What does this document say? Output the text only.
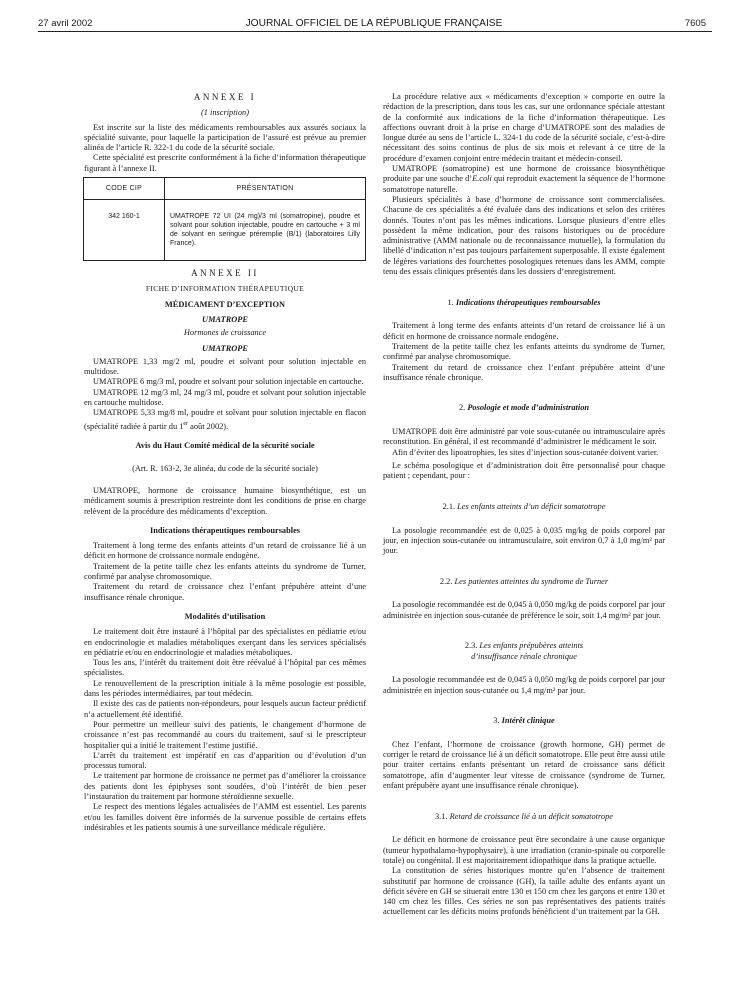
27 avril 2002	JOURNAL OFFICIEL DE LA RÉPUBLIQUE FRANÇAISE	7605

ANNEXE I

(1 inscription)

Est inscrite sur la liste des médicaments remboursables aux assurés sociaux la spécialité suivante, pour laquelle la participation de l’assuré est prévue au premier alinéa de l’article R. 322-1 du code de la sécurité sociale.

Cette spécialité est prescrite conformément à la fiche d’information thérapeutique figurant à l’annexe II.

CODE CIP	PRÉSENTATION
342 160-1	UMATROPE 72 UI (24 mg)/3 ml (somatropine), poudre et solvant pour solution injectable, poudre en cartouche + 3 ml de solvant en seringue préremplie (B/1) (laboratoires Lilly France).

ANNEXE II

FICHE D’INFORMATION THÉRAPEUTIQUE

MÉDICAMENT D’EXCEPTION

UMATROPE

Hormones de croissance

UMATROPE

UMATROPE 1,33 mg/2 ml, poudre et solvant pour solution injectable en multidose.

UMATROPE 6 mg/3 ml, poudre et solvant pour solution injectable en cartouche.

UMATROPE 12 mg/3 ml, 24 mg/3 ml, poudre et solvant pour solution injectable en cartouche multidose.

UMATROPE 5,33 mg/8 ml, poudre et solvant pour solution injectable en flacon (spécialité radiée à partir du 1er août 2002).

Avis du Haut Comité médical de la sécurité sociale

(Art. R. 163-2, 3e alinéa, du code de la sécurité sociale)

UMATROPE, hormone de croissance humaine biosynthétique, est un médicament soumis à prescription restreinte dont les conditions de prise en charge relèvent de la procédure des médicaments d’exception.

Indications thérapeutiques remboursables

Traitement à long terme des enfants atteints d’un retard de croissance lié à un déficit en hormone de croissance normale endogène.

Traitement de la petite taille chez les enfants atteints du syndrome de Turner, confirmé par analyse chromosomique.

Traitement du retard de croissance chez l’enfant prépubère atteint d’une insuffisance rénale chronique.

Modalités d’utilisation

Le traitement doit être instauré à l’hôpital par des spécialistes en pédiatrie et/ou en endocrinologie et maladies métaboliques exerçant dans les services spécialisés en pédiatrie et/ou en endocrinologie et maladies métaboliques.

Tous les ans, l’intérêt du traitement doit être réévalué à l’hôpital par ces mêmes spécialistes.

Le renouvellement de la prescription initiale à la même posologie est possible, dans les périodes intermédiaires, par tout médecin.

Il existe des cas de patients non-répondeurs, pour lesquels aucun facteur prédictif n’a actuellement été identifié.

Pour permettre un meilleur suivi des patients, le changement d’hormone de croissance n’est pas recommandé au cours du traitement, sauf si le prescripteur hospitalier qui a initié le traitement l’estime justifié.

L’arrêt du traitement est impératif en cas d’apparition ou d’évolution d’un processus tumoral.

Le traitement par hormone de croissance ne permet pas d’améliorer la croissance des patients dont les épiphyses sont soudées, d’où l’intérêt de bien peser l’instauration du traitement par hormone stéroïdienne sexuelle.

Le respect des mentions légales actualisées de l’AMM est essentiel. Les parents et/ou les familles doivent être informés de la survenue possible de certains effets indésirables et les patients soumis à une surveillance médicale régulière.

La procédure relative aux « médicaments d’exception » comporte en outre la rédaction de la prescription, dans tous les cas, sur une ordonnance spéciale attestant de la conformité aux indications de la fiche d’information thérapeutique. Les affections ouvrant droit à la prise en charge d’UMATROPE sont des maladies de longue durée au sens de l’article L. 324-1 du code de la sécurité sociale, c’est-à-dire nécessitant des soins continus de plus de six mois et relevant à ce titre de la procédure d’examen conjoint entre médecin traitant et médecin-conseil.

UMATROPE (somatropine) est une hormone de croissance biosynthétique produite par une souche d’E.coli qui reproduit exactement la séquence de l’hormone somatotrope naturelle.

Plusieurs spécialités à base d’hormone de croissance sont commercialisées. Chacune de ces spécialités a été évaluée dans des indications et selon des critères donnés. Toutes n’ont pas les mêmes indications. Lorsque plusieurs d’entre elles possèdent la même indication, pour des raisons historiques ou de procédure administrative (AMM nationale ou de reconnaissance mutuelle), la formulation du libellé d’indication n’est pas toujours parfaitement superposable. Il existe également de légères variations des fourchettes posologiques retenues dans les AMM, compte tenu des essais cliniques présentés dans les dossiers d’enregistrement.

1. Indications thérapeutiques remboursables

Traitement à long terme des enfants atteints d’un retard de croissance lié à un déficit en hormone de croissance normale endogène.

Traitement de la petite taille chez les enfants atteints du syndrome de Turner, confirmé par analyse chromosomique.

Traitement du retard de croissance chez l’enfant prépubère atteint d’une insuffisance rénale chronique.

2. Posologie et mode d’administration

UMATROPE doit être administré par voie sous-cutanée ou intramusculaire après reconstitution. En général, il est recommandé d’administrer le médicament le soir.

Afin d’éviter des lipoatrophies, les sites d’injection sous-cutanée doivent varier.

Le schéma posologique et d’administration doit être personnalisé pour chaque patient ; cependant, pour :

2.1. Les enfants atteints d’un déficit somatotrope

La posologie recommandée est de 0,025 à 0,035 mg/kg de poids corporel par jour, en injection sous-cutanée ou intramusculaire, soit environ 0,7 à 1,0 mg/m² par jour.

2.2. Les patientes atteintes du syndrome de Turner

La posologie recommandée est de 0,045 à 0,050 mg/kg de poids corporel par jour administrée en injection sous-cutanée de préférence le soir, soit 1,4 mg/m² par jour.

2.3. Les enfants prépubères atteints
d’insuffisance rénale chronique

La posologie recommandée est de 0,045 à 0,050 mg/kg de poids corporel par jour administrée en injection sous-cutanée ou 1,4 mg/m² par jour.

3. Intérêt clinique

Chez l’enfant, l’hormone de croissance (growth hormone, GH) permet de corriger le retard de croissance lié à un déficit somatotrope. Elle peut être aussi utile pour traiter certains enfants présentant un retard de croissance sans déficit somatotrope, afin d’augmenter leur vitesse de croissance (syndrome de Turner, enfant prépubère ayant une insuffisance rénale chronique).

3.1. Retard de croissance lié à un déficit somatotrope

Le déficit en hormone de croissance peut être secondaire à une cause organique (tumeur hypothalamo-hypophysaire), à une irradiation (cranio-spinale ou corporelle totale) ou congénital. Il est majoritairement idiopathique dans la pratique actuelle.

La constitution de séries historiques montre qu’en l’absence de traitement substitutif par hormone de croissance (GH), la taille adulte des enfants ayant un déficit sévère en GH se situerait entre 130 et 150 cm chez les garçons et entre 130 et 140 cm chez les filles. Ces séries ne son pas représentatives des patients traités actuellement car les déficits moins profonds bénéficient d’un traitement par la GH.
